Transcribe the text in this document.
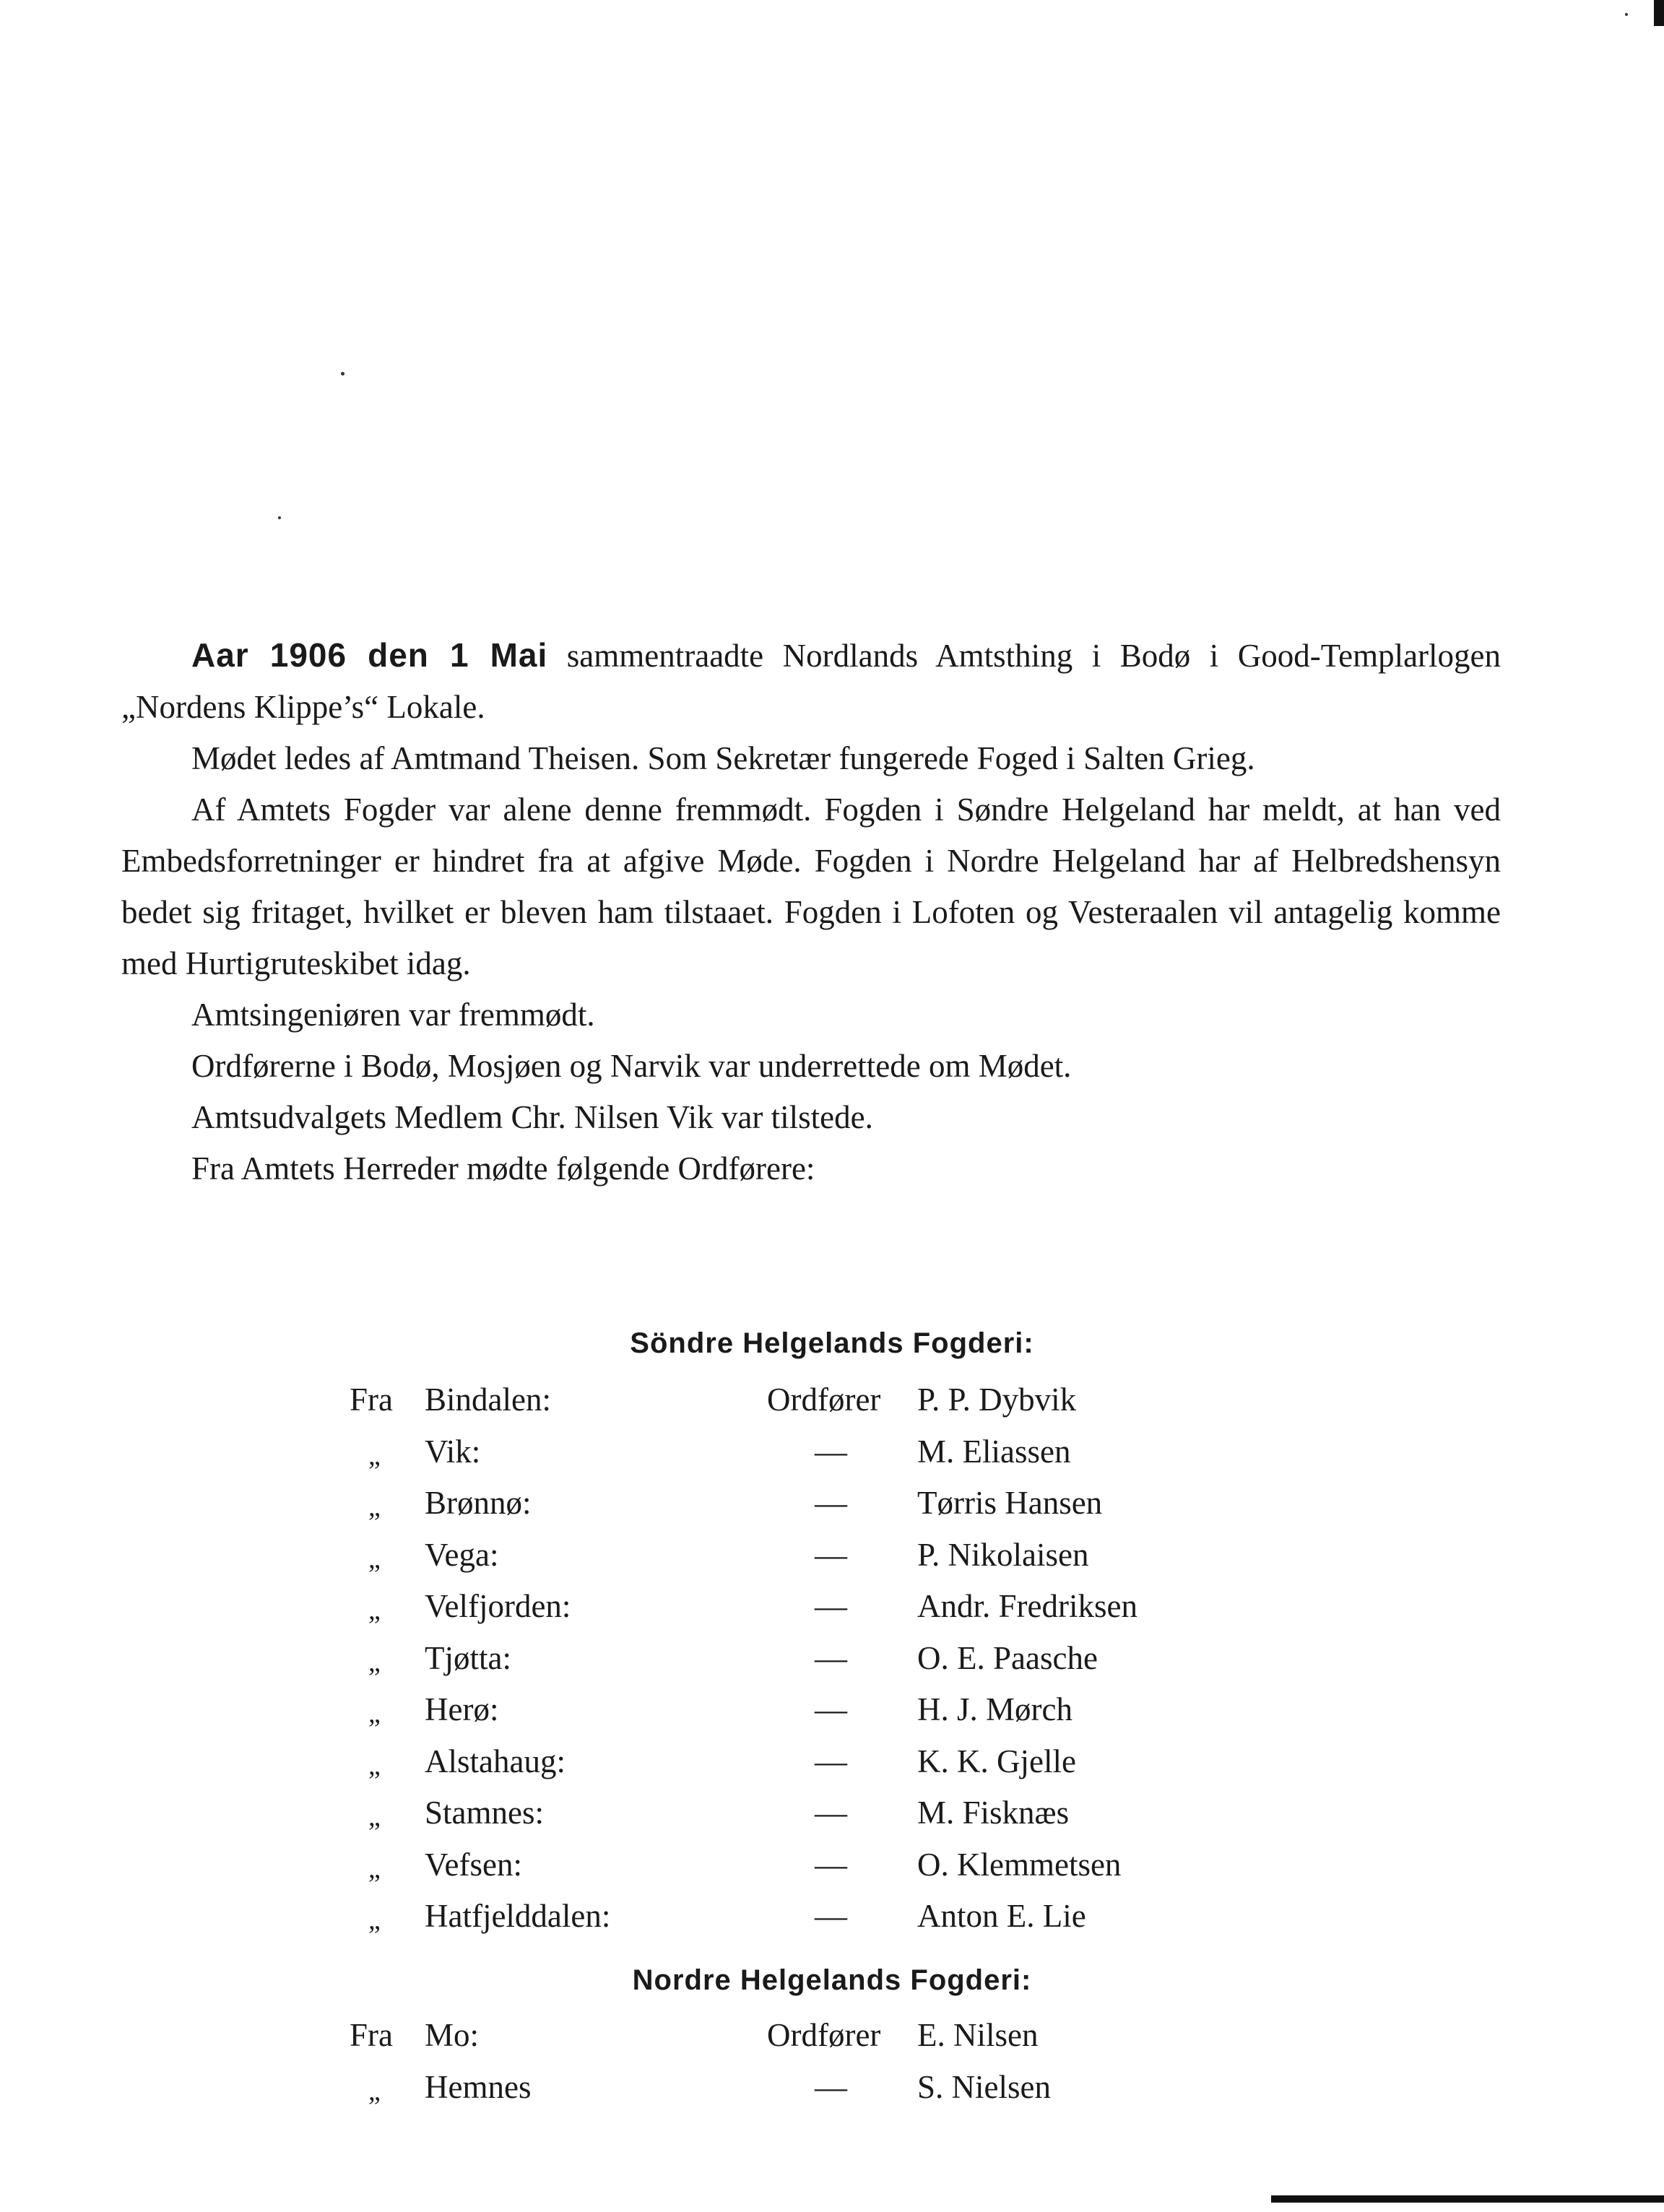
Aar 1906 den 1 Mai sammentraadte Nordlands Amtsthing i Bodø i Good-Templarlogen „Nordens Klippe’s“ Lokale.

Mødet ledes af Amtmand Theisen. Som Sekretær fungerede Foged i Salten Grieg.

Af Amtets Fogder var alene denne fremmødt. Fogden i Søndre Helgeland har meldt, at han ved Embedsforretninger er hindret fra at afgive Møde. Fogden i Nordre Helgeland har af Helbredshensyn bedet sig fritaget, hvilket er bleven ham tilstaaet. Fogden i Lofoten og Vesteraalen vil antagelig komme med Hurtigruteskibet idag.

Amtsingeniøren var fremmødt.

Ordførerne i Bodø, Mosjøen og Narvik var underrettede om Mødet.

Amtsudvalgets Medlem Chr. Nilsen Vik var tilstede.

Fra Amtets Herreder mødte følgende Ordførere:

Söndre Helgelands Fogderi:
Fra Bindalen:	Ordfører P. P. Dybvik
„ Vik:	— M. Eliassen
„ Brønnø:	— Tørris Hansen
„ Vega:	— P. Nikolaisen
„ Velfjorden:	— Andr. Fredriksen
„ Tjøtta:	— O. E. Paasche
„ Herø:	— H. J. Mørch
„ Alstahaug:	— K. K. Gjelle
„ Stamnes:	— M. Fisknæs
„ Vefsen:	— O. Klemmetsen
„ Hatfjelddalen:	— Anton E. Lie
Nordre Helgelands Fogderi:
Fra Mo:	Ordfører E. Nilsen
„ Hemnes	— S. Nielsen
